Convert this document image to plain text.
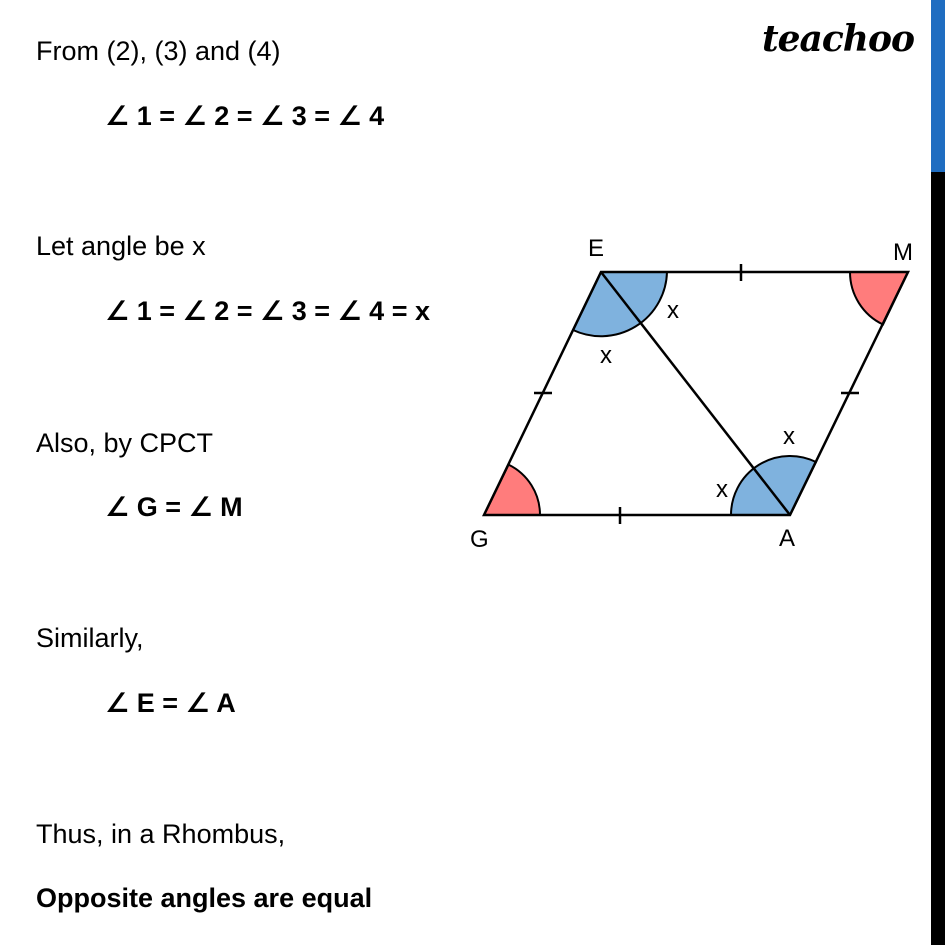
teachoo
From (2), (3) and (4)
∠ 1 = ∠ 2 = ∠ 3 = ∠ 4
Let angle be x
∠ 1 = ∠ 2 = ∠ 3 = ∠ 4 = x
Also, by CPCT
∠ G = ∠ M
Similarly,
∠ E = ∠ A
Thus, in a Rhombus,
Opposite angles are equal
E	M
G	A
x
x
x
x
